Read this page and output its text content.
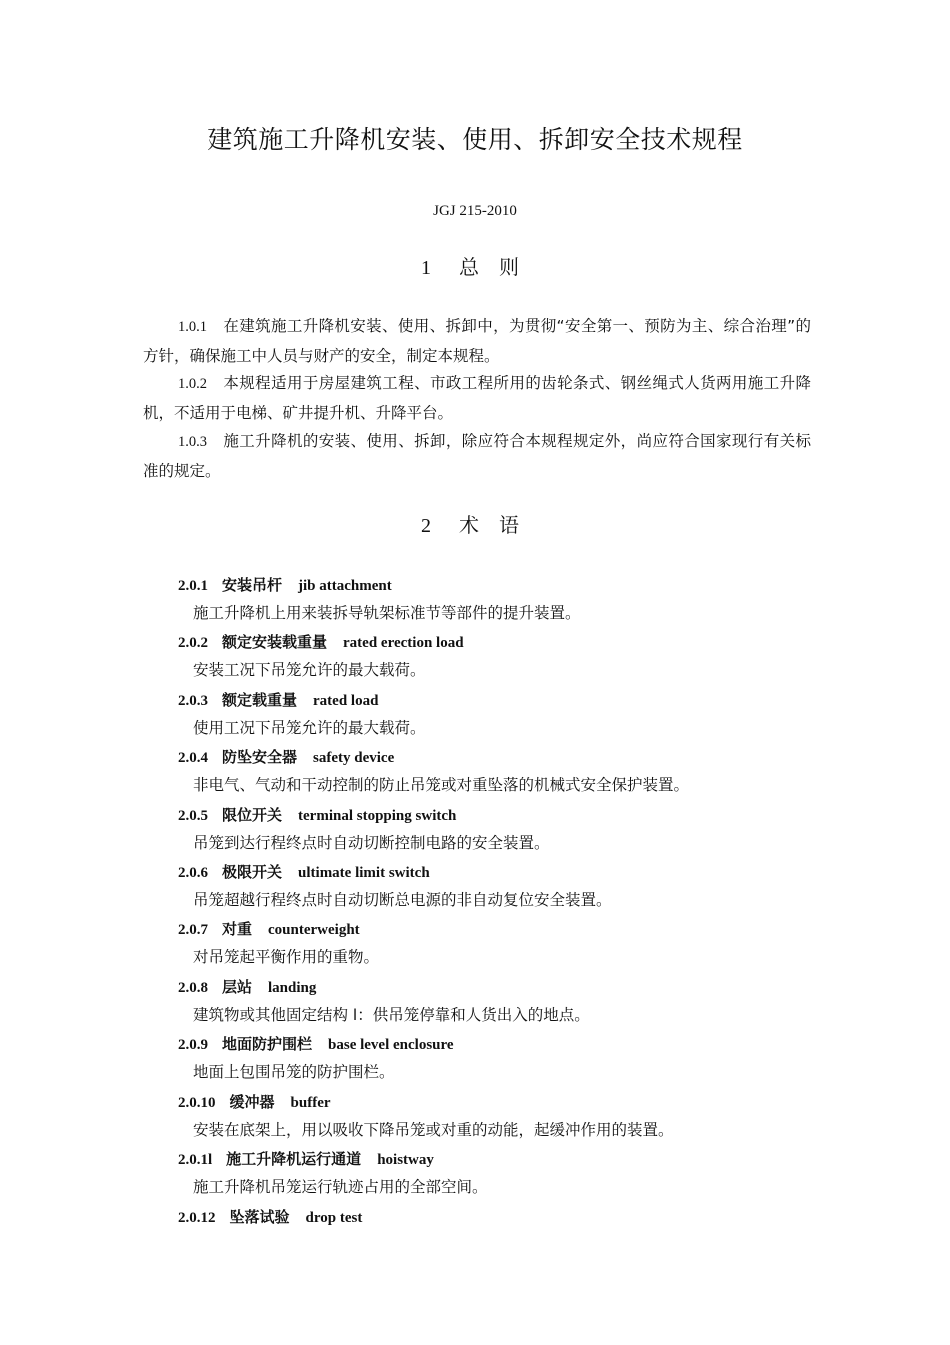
建筑施工升降机安装、使用、拆卸安全技术规程
JGJ 215-2010
1 总 则
1.0.1 在建筑施工升降机安装、使用、拆卸中，为贯彻“安全第一、预防为主、综合治理”的方针，确保施工中人员与财产的安全，制定本规程。
1.0.2 本规程适用于房屋建筑工程、市政工程所用的齿轮条式、钢丝绳式人货两用施工升降机，不适用于电梯、矿井提升机、升降平台。
1.0.3 施工升降机的安装、使用、拆卸，除应符合本规程规定外，尚应符合国家现行有关标准的规定。
2 术 语
2.0.1 安装吊杆 jib attachment
施工升降机上用来装拆导轨架标准节等部件的提升装置。
2.0.2 额定安装载重量 rated erection load
安装工况下吊笼允许的最大载荷。
2.0.3 额定载重量 rated load
使用工况下吊笼允许的最大载荷。
2.0.4 防坠安全器 safety device
非电气、气动和干动控制的防止吊笼或对重坠落的机械式安全保护装置。
2.0.5 限位开关 terminal stopping switch
吊笼到达行程终点时自动切断控制电路的安全装置。
2.0.6 极限开关 ultimate limit switch
吊笼超越行程终点时自动切断总电源的非自动复位安全装置。
2.0.7 对重 counterweight
对吊笼起平衡作用的重物。
2.0.8 层站 landing
建筑物或其他固定结构 l：供吊笼停靠和人货出入的地点。
2.0.9 地面防护围栏 base level enclosure
地面上包围吊笼的防护围栏。
2.0.10 缓冲器 buffer
安装在底架上，用以吸收下降吊笼或对重的动能，起缓冲作用的装置。
2.0.1l 施工升降机运行通道 hoistway
施工升降机吊笼运行轨迹占用的全部空间。
2.0.12 坠落试验 drop test
